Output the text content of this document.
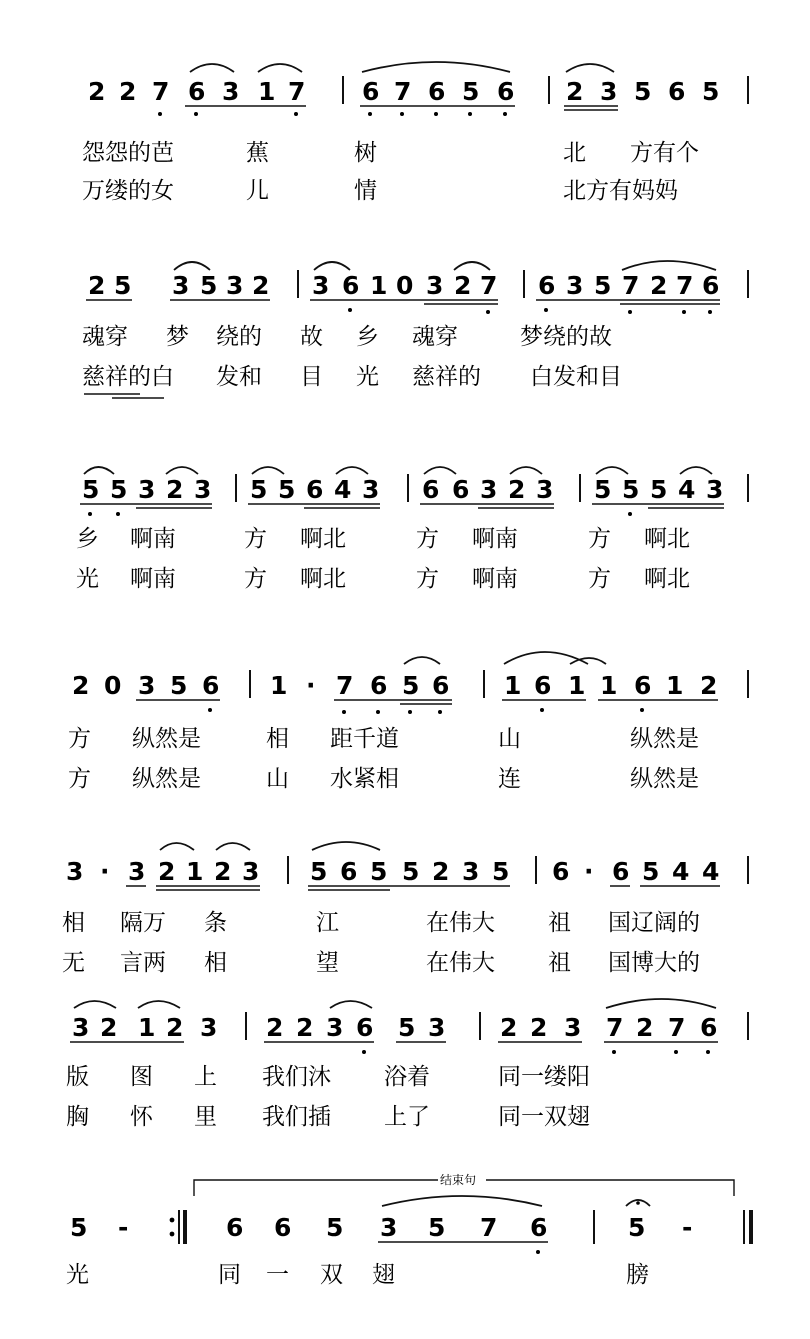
2 2 7 6 3 1 7 6 7 6 5 6 2 3 5 6 5
怨怨的芭	蕉	树	北 方有个
万缕的女	儿	情	北方有妈妈
2 5 3 5 3 2 3 6 1 0 3 2 7 6 3 5 7 2 7 6
魂穿 梦 绕的 故 乡 魂穿	梦绕的故
慈祥的白 发和 目 光 慈祥的 白发和目
5 5 3 2 3 5 5 6 4 3 6 6 3 2 3 5 5 5 4 3
乡 啊南	方 啊北	方 啊南	方 啊北
光 啊南	方 啊北	方 啊南	方 啊北
2 0 3 5 6 1 · 7 6 5 6 1 6 1 1 6 1 2
方 纵然是	相 距千道	山	纵然是
方 纵然是	山 水紧相	连	纵然是
3 · 3 2 1 2 3 5 6 5 5 2 3 5 6 · 6 5 4 4
相 隔万 条	江	在伟大 祖 国辽阔的
无 言两 相	望	在伟大 祖 国博大的
3 2 1 2 3 2 2 3 6 5 3 2 2 3 7 2 7 6
版 图 上 我们沐 浴着	同一缕阳
胸 怀 里 我们插 上了	同一双翅
结束句
5 -	6 6 5 3 5 7 6	5 -
光	同 一 双 翅	膀
